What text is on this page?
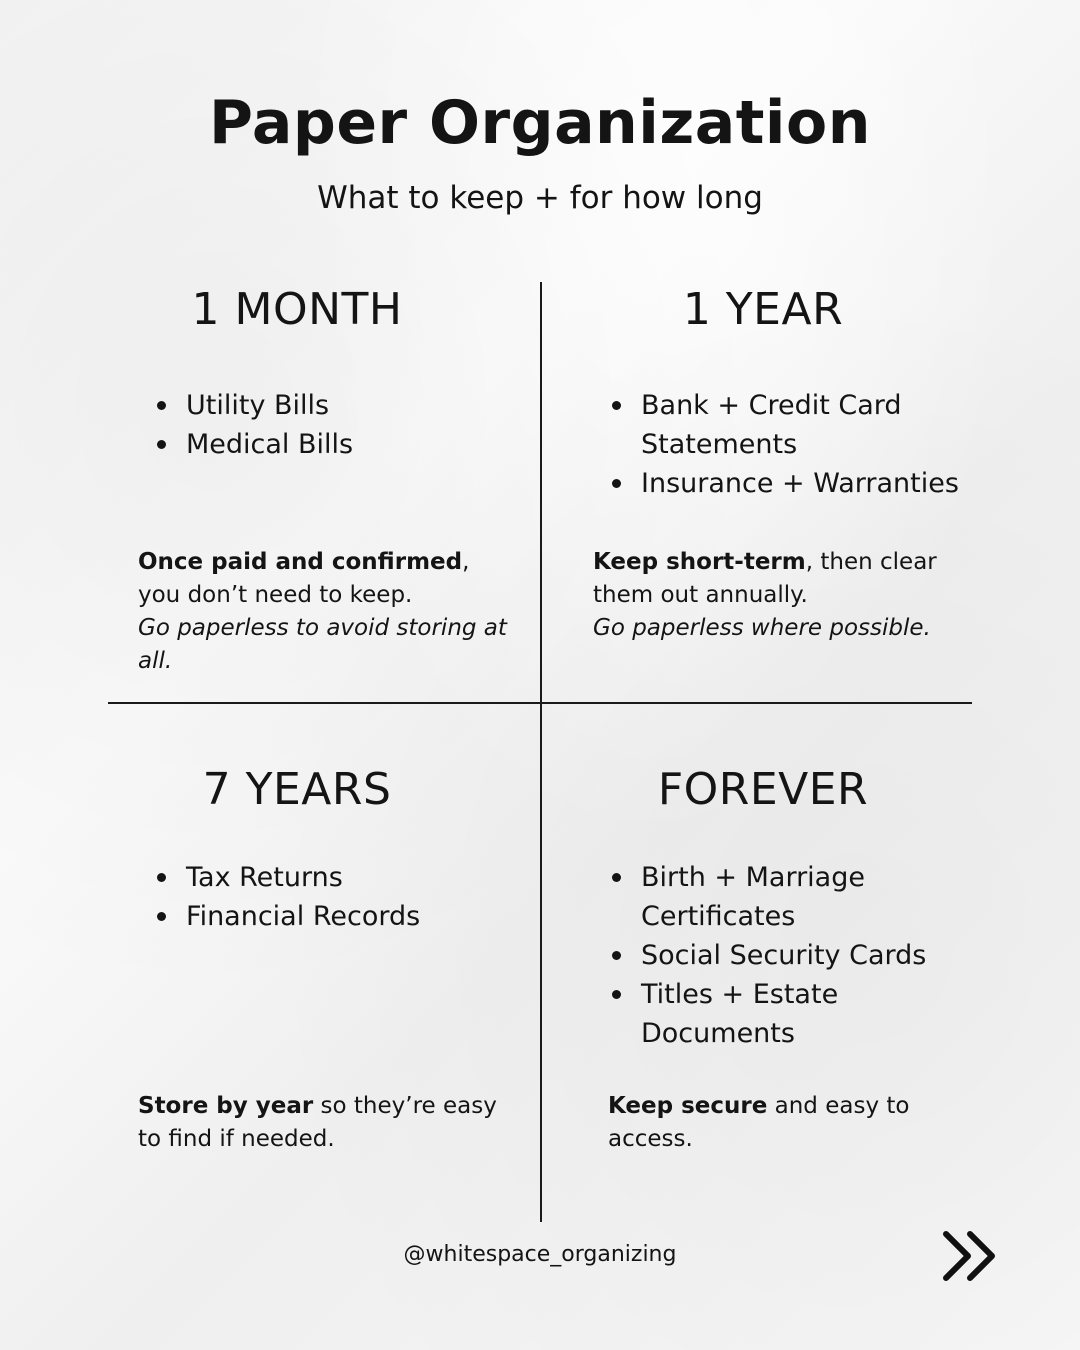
Paper Organization
What to keep + for how long
1 MONTH
Utility Bills
Medical Bills
Once paid and confirmed, you don’t need to keep.
Go paperless to avoid storing at all.
1 YEAR
Bank + Credit Card Statements
Insurance + Warranties
Keep short-term, then clear them out annually.
Go paperless where possible.
7 YEARS
Tax Returns
Financial Records
Store by year so they’re easy to find if needed.
FOREVER
Birth + Marriage Certificates
Social Security Cards
Titles + Estate Documents
Keep secure and easy to access.
@whitespace_organizing
